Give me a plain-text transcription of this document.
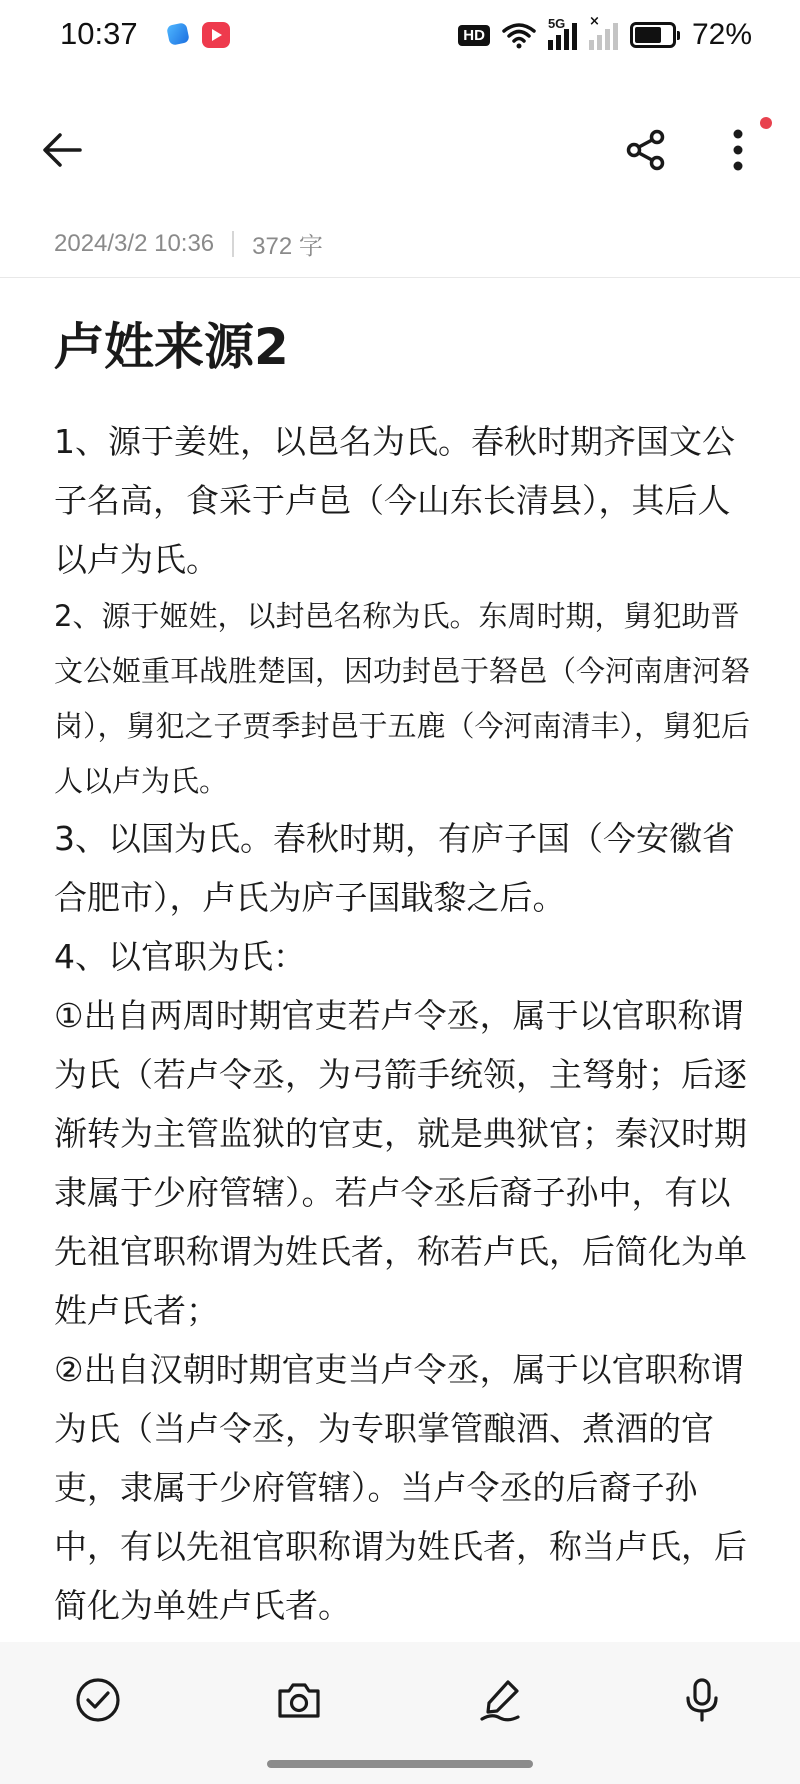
10:37	HD
5G ×	72%
2024/3/2 10:36 372 字
卢姓来源2

1、源于姜姓，以邑名为氏。春秋时期齐国文公子名高，食采于卢邑（今山东长清县），其后人以卢为氏。

2、源于姬姓，以封邑名称为氏。东周时期，舅犯助晋文公姬重耳战胜楚国，因功封邑于砮邑（今河南唐河砮岗），舅犯之子贾季封邑于五鹿（今河南清丰），舅犯后人以卢为氏。

3、以国为氏。春秋时期，有庐子国（今安徽省合肥市），卢氏为庐子国戢黎之后。

4、以官职为氏：

①出自两周时期官吏若卢令丞，属于以官职称谓为氏（若卢令丞，为弓箭手统领，主弩射；后逐渐转为主管监狱的官吏，就是典狱官；秦汉时期隶属于少府管辖）。若卢令丞后裔子孙中，有以先祖官职称谓为姓氏者，称若卢氏，后简化为单姓卢氏者；

②出自汉朝时期官吏当卢令丞，属于以官职称谓为氏（当卢令丞，为专职掌管酿酒、煮酒的官吏，隶属于少府管辖）。当卢令丞的后裔子孙中，有以先祖官职称谓为姓氏者，称当卢氏，后简化为单姓卢氏者。
